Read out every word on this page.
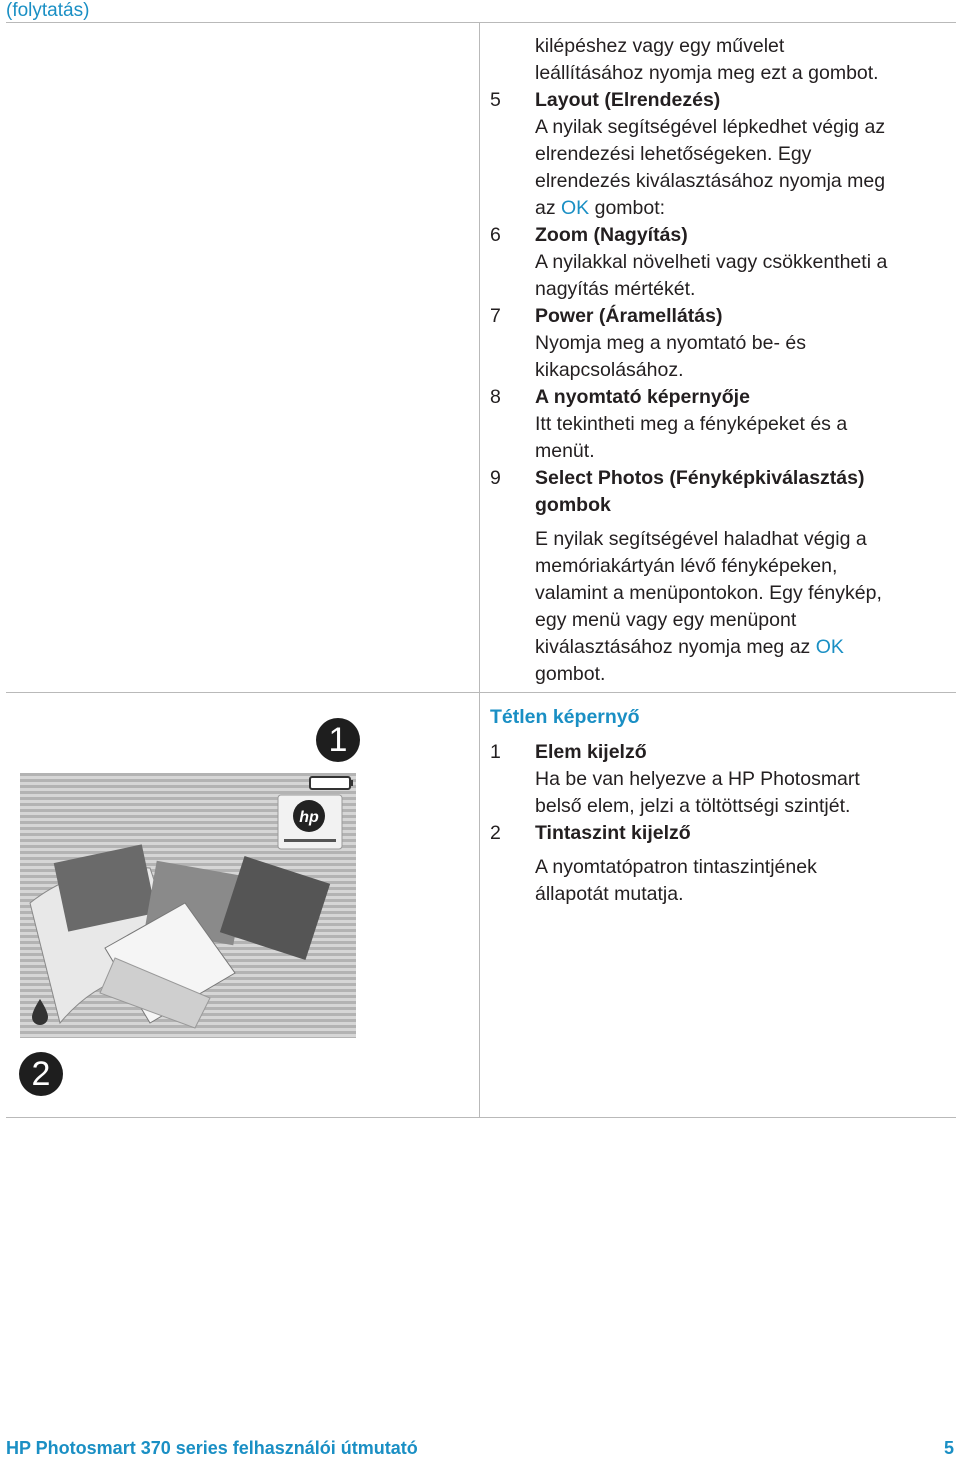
(folytatás)
kilépéshez vagy egy művelet
leállításához nyomja meg ezt a gombot.
5 Layout (Elrendezés)
A nyilak segítségével lépkedhet végig az
elrendezési lehetőségeken. Egy
elrendezés kiválasztásához nyomja meg
az OK gombot:
6 Zoom (Nagyítás)
A nyilakkal növelheti vagy csökkentheti a
nagyítás mértékét.
7 Power (Áramellátás)
Nyomja meg a nyomtató be- és
kikapcsolásához.
8 A nyomtató képernyője
Itt tekintheti meg a fényképeket és a
menüt.
9 Select Photos (Fényképkiválasztás)
gombok
E nyilak segítségével haladhat végig a
memóriakártyán lévő fényképeken,
valamint a menüpontokon. Egy fénykép,
egy menü vagy egy menüpont
kiválasztásához nyomja meg az OK
gombot.
Tétlen képernyő
1 Elem kijelző
Ha be van helyezve a HP Photosmart
belső elem, jelzi a töltöttségi szintjét.
2 Tintaszint kijelző
A nyomtatópatron tintaszintjének
állapotát mutatja.
1
2
hp
HP Photosmart 370 series felhasználói útmutató	5
